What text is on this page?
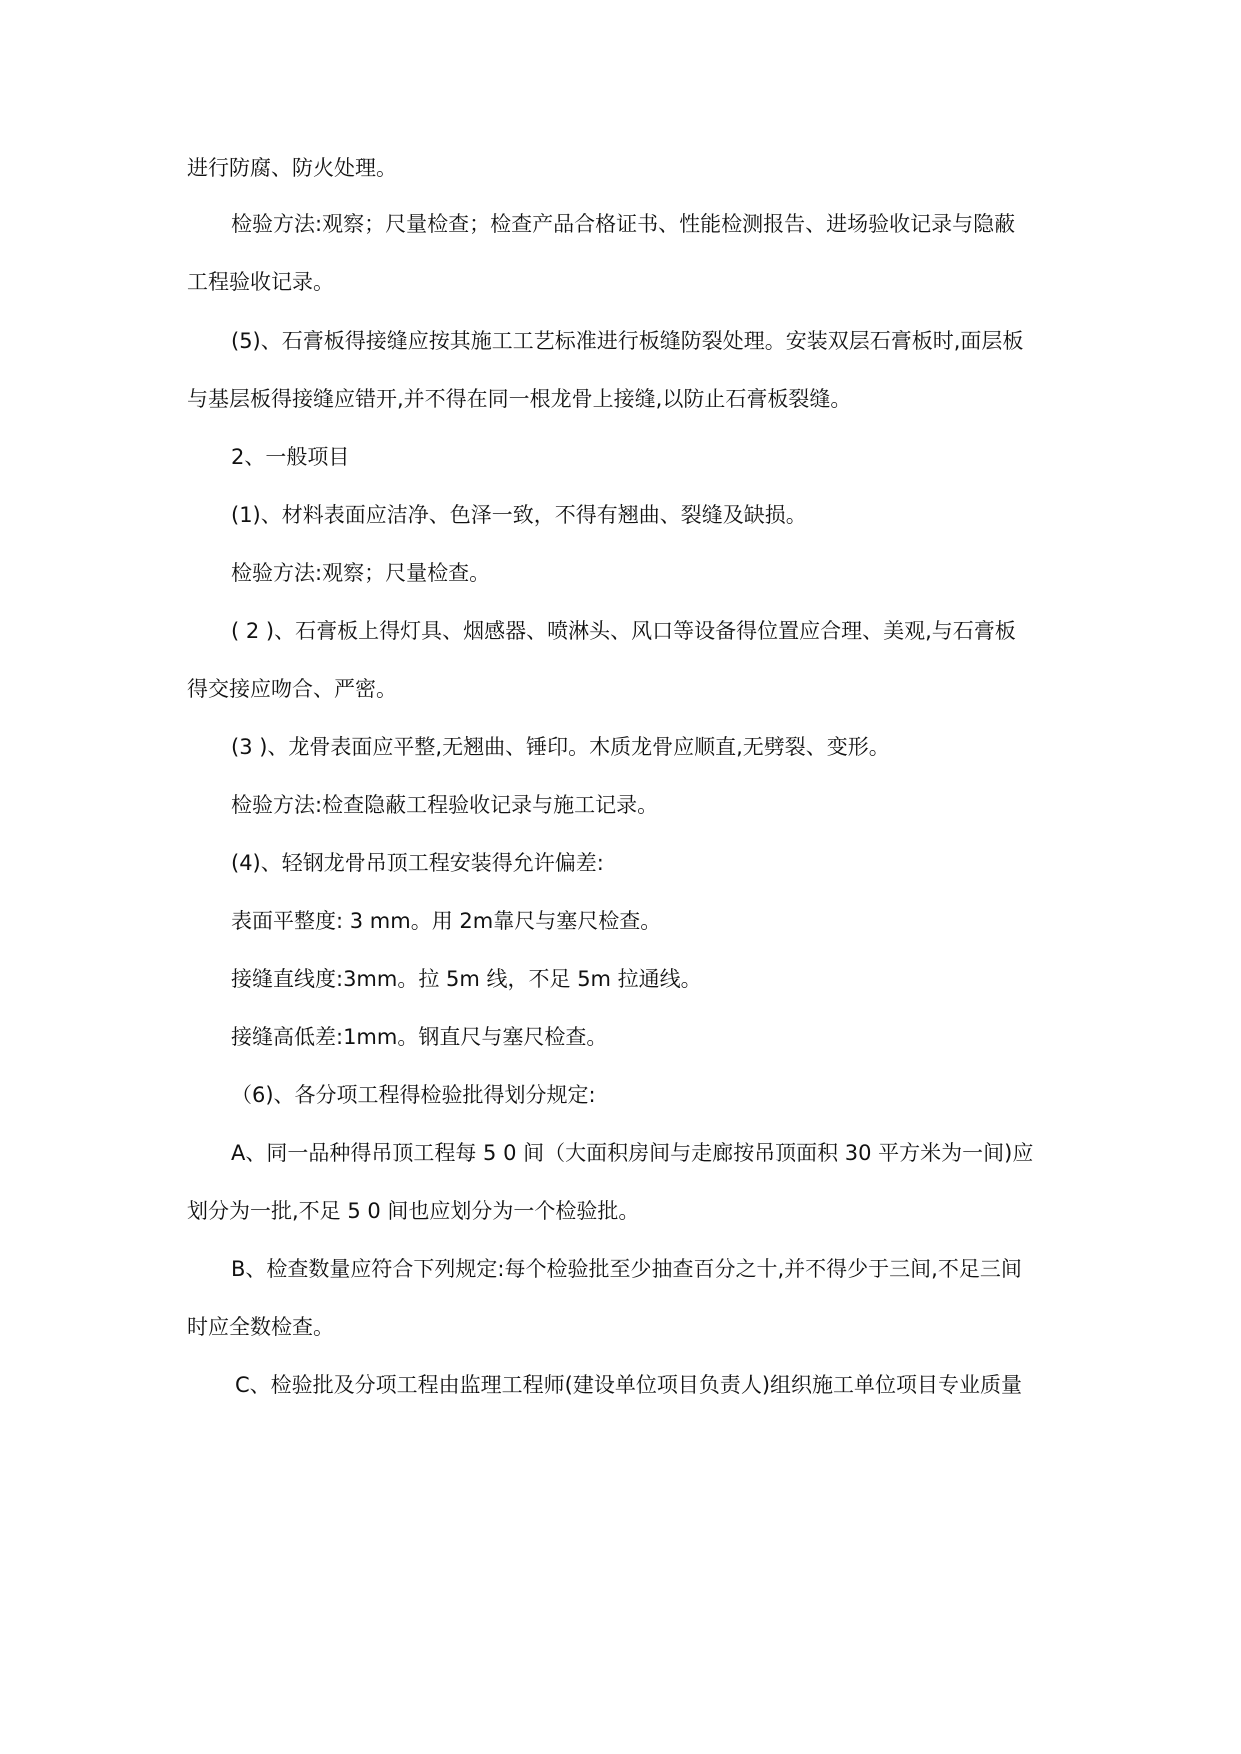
进行防腐、防火处理。
检验方法:观察；尺量检查；检查产品合格证书、性能检测报告、进场验收记录与隐蔽
工程验收记录。
(5)、石膏板得接缝应按其施工工艺标准进行板缝防裂处理。安装双层石膏板时,面层板
与基层板得接缝应错开,并不得在同一根龙骨上接缝,以防止石膏板裂缝。
2、一般项目
(1)、材料表面应洁净、色泽一致，不得有翘曲、裂缝及缺损。
检验方法:观察；尺量检查。
( 2 )、石膏板上得灯具、烟感器、喷淋头、风口等设备得位置应合理、美观,与石膏板
得交接应吻合、严密。
(3 )、龙骨表面应平整,无翘曲、锤印。木质龙骨应顺直,无劈裂、变形。
检验方法:检查隐蔽工程验收记录与施工记录。
(4)、轻钢龙骨吊顶工程安装得允许偏差:
表面平整度: 3 mm。用 2m靠尺与塞尺检查。
接缝直线度:3mm。拉 5m 线，不足 5m 拉通线。
接缝高低差:1mm。钢直尺与塞尺检查。
（6)、各分项工程得检验批得划分规定:
A、同一品种得吊顶工程每 5 0 间（大面积房间与走廊按吊顶面积 30 平方米为一间)应
划分为一批,不足 5 0 间也应划分为一个检验批。
B、检查数量应符合下列规定:每个检验批至少抽查百分之十,并不得少于三间,不足三间
时应全数检查。
C、检验批及分项工程由监理工程师(建设单位项目负责人)组织施工单位项目专业质量
